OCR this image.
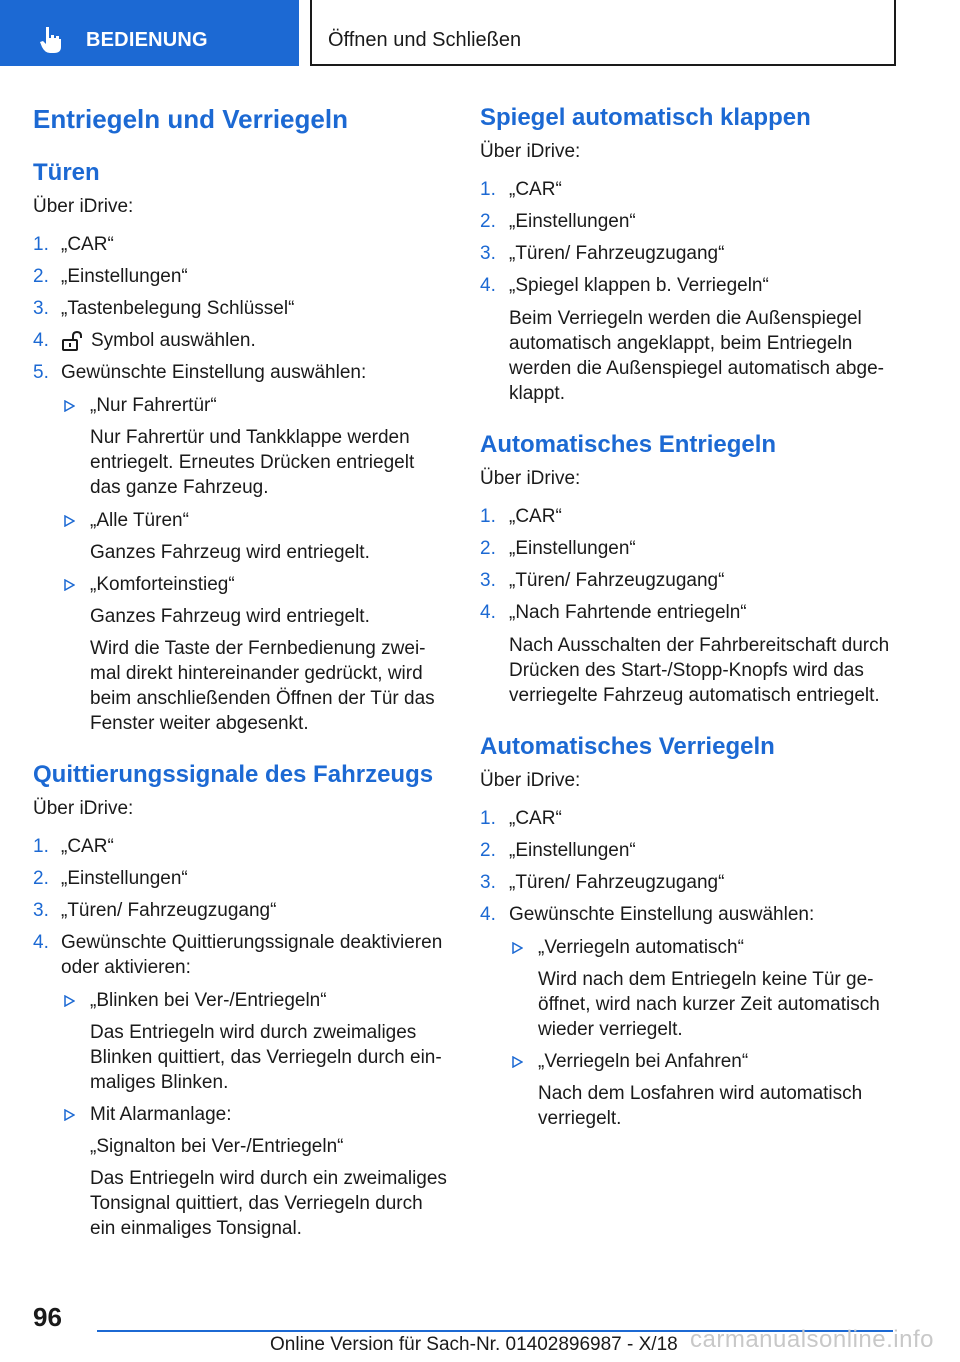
BEDIENUNG	Öffnen und Schließen
Entriegeln und Verriegeln
Türen
Über iDrive:
1. „CAR“
2. „Einstellungen“
3. „Tastenbelegung Schlüssel“
4. Symbol auswählen.
5. Gewünschte Einstellung auswählen:
„Nur Fahrertür“
Nur Fahrertür und Tankklappe werden
entriegelt. Erneutes Drücken entriegelt
das ganze Fahrzeug.
„Alle Türen“
Ganzes Fahrzeug wird entriegelt.
„Komforteinstieg“
Ganzes Fahrzeug wird entriegelt.
Wird die Taste der Fernbedienung zwei-
mal direkt hintereinander gedrückt, wird
beim anschließenden Öffnen der Tür das
Fenster weiter abgesenkt.
Quittierungssignale des Fahrzeugs
Über iDrive:
1. „CAR“
2. „Einstellungen“
3. „Türen/ Fahrzeugzugang“
4. Gewünschte Quittierungssignale deaktivieren
oder aktivieren:
„Blinken bei Ver-/Entriegeln“
Das Entriegeln wird durch zweimaliges
Blinken quittiert, das Verriegeln durch ein-
maliges Blinken.
Mit Alarmanlage:
„Signalton bei Ver-/Entriegeln“
Das Entriegeln wird durch ein zweimaliges
Tonsignal quittiert, das Verriegeln durch
ein einmaliges Tonsignal.
Spiegel automatisch klappen
Über iDrive:
1. „CAR“
2. „Einstellungen“
3. „Türen/ Fahrzeugzugang“
4. „Spiegel klappen b. Verriegeln“
Beim Verriegeln werden die Außenspiegel
automatisch angeklappt, beim Entriegeln
werden die Außenspiegel automatisch abge-
klappt.
Automatisches Entriegeln
Über iDrive:
1. „CAR“
2. „Einstellungen“
3. „Türen/ Fahrzeugzugang“
4. „Nach Fahrtende entriegeln“
Nach Ausschalten der Fahrbereitschaft durch
Drücken des Start-/Stopp-Knopfs wird das
verriegelte Fahrzeug automatisch entriegelt.
Automatisches Verriegeln
Über iDrive:
1. „CAR“
2. „Einstellungen“
3. „Türen/ Fahrzeugzugang“
4. Gewünschte Einstellung auswählen:
„Verriegeln automatisch“
Wird nach dem Entriegeln keine Tür ge-
öffnet, wird nach kurzer Zeit automatisch
wieder verriegelt.
„Verriegeln bei Anfahren“
Nach dem Losfahren wird automatisch
verriegelt.
96
Online Version für Sach-Nr. 01402896987 - X/18 carmanualsonline.info
